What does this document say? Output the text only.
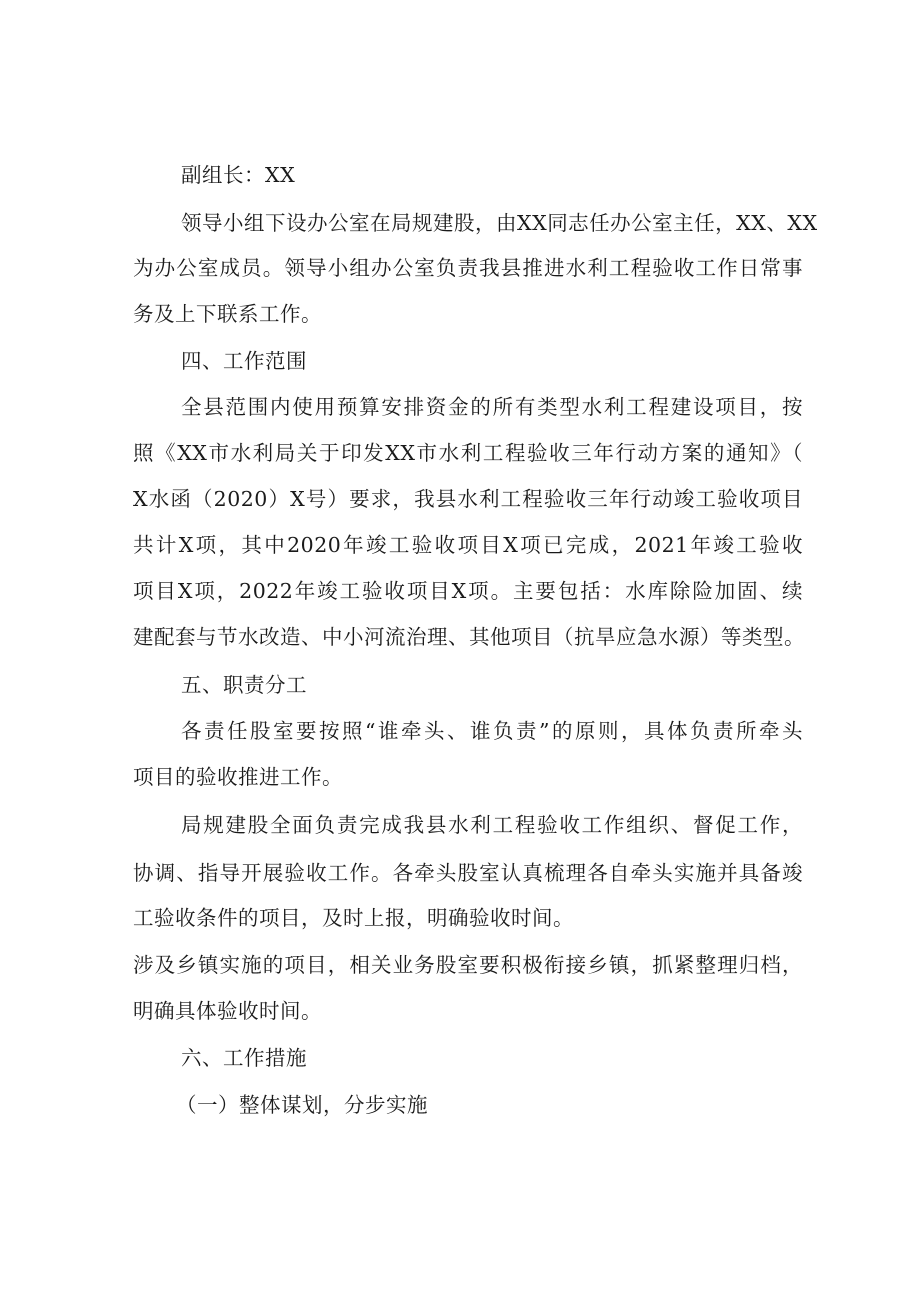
副组长：XX
领导小组下设办公室在局规建股，由XX同志任办公室主任，XX、XX
为办公室成员。领导小组办公室负责我县推进水利工程验收工作日常事
务及上下联系工作。
四、工作范围
全县范围内使用预算安排资金的所有类型水利工程建设项目，按
照《XX市水利局关于印发XX市水利工程验收三年行动方案的通知》（
X水函（2020）X号）要求，我县水利工程验收三年行动竣工验收项目
共计X项，其中2020年竣工验收项目X项已完成，2021年竣工验收
项目X项，2022年竣工验收项目X项。主要包括：水库除险加固、续
建配套与节水改造、中小河流治理、其他项目（抗旱应急水源）等类型。
五、职责分工
各责任股室要按照“谁牵头、谁负责”的原则，具体负责所牵头
项目的验收推进工作。
局规建股全面负责完成我县水利工程验收工作组织、督促工作，
协调、指导开展验收工作。各牵头股室认真梳理各自牵头实施并具备竣
工验收条件的项目，及时上报，明确验收时间。
涉及乡镇实施的项目，相关业务股室要积极衔接乡镇，抓紧整理归档，
明确具体验收时间。
六、工作措施
（一）整体谋划，分步实施
